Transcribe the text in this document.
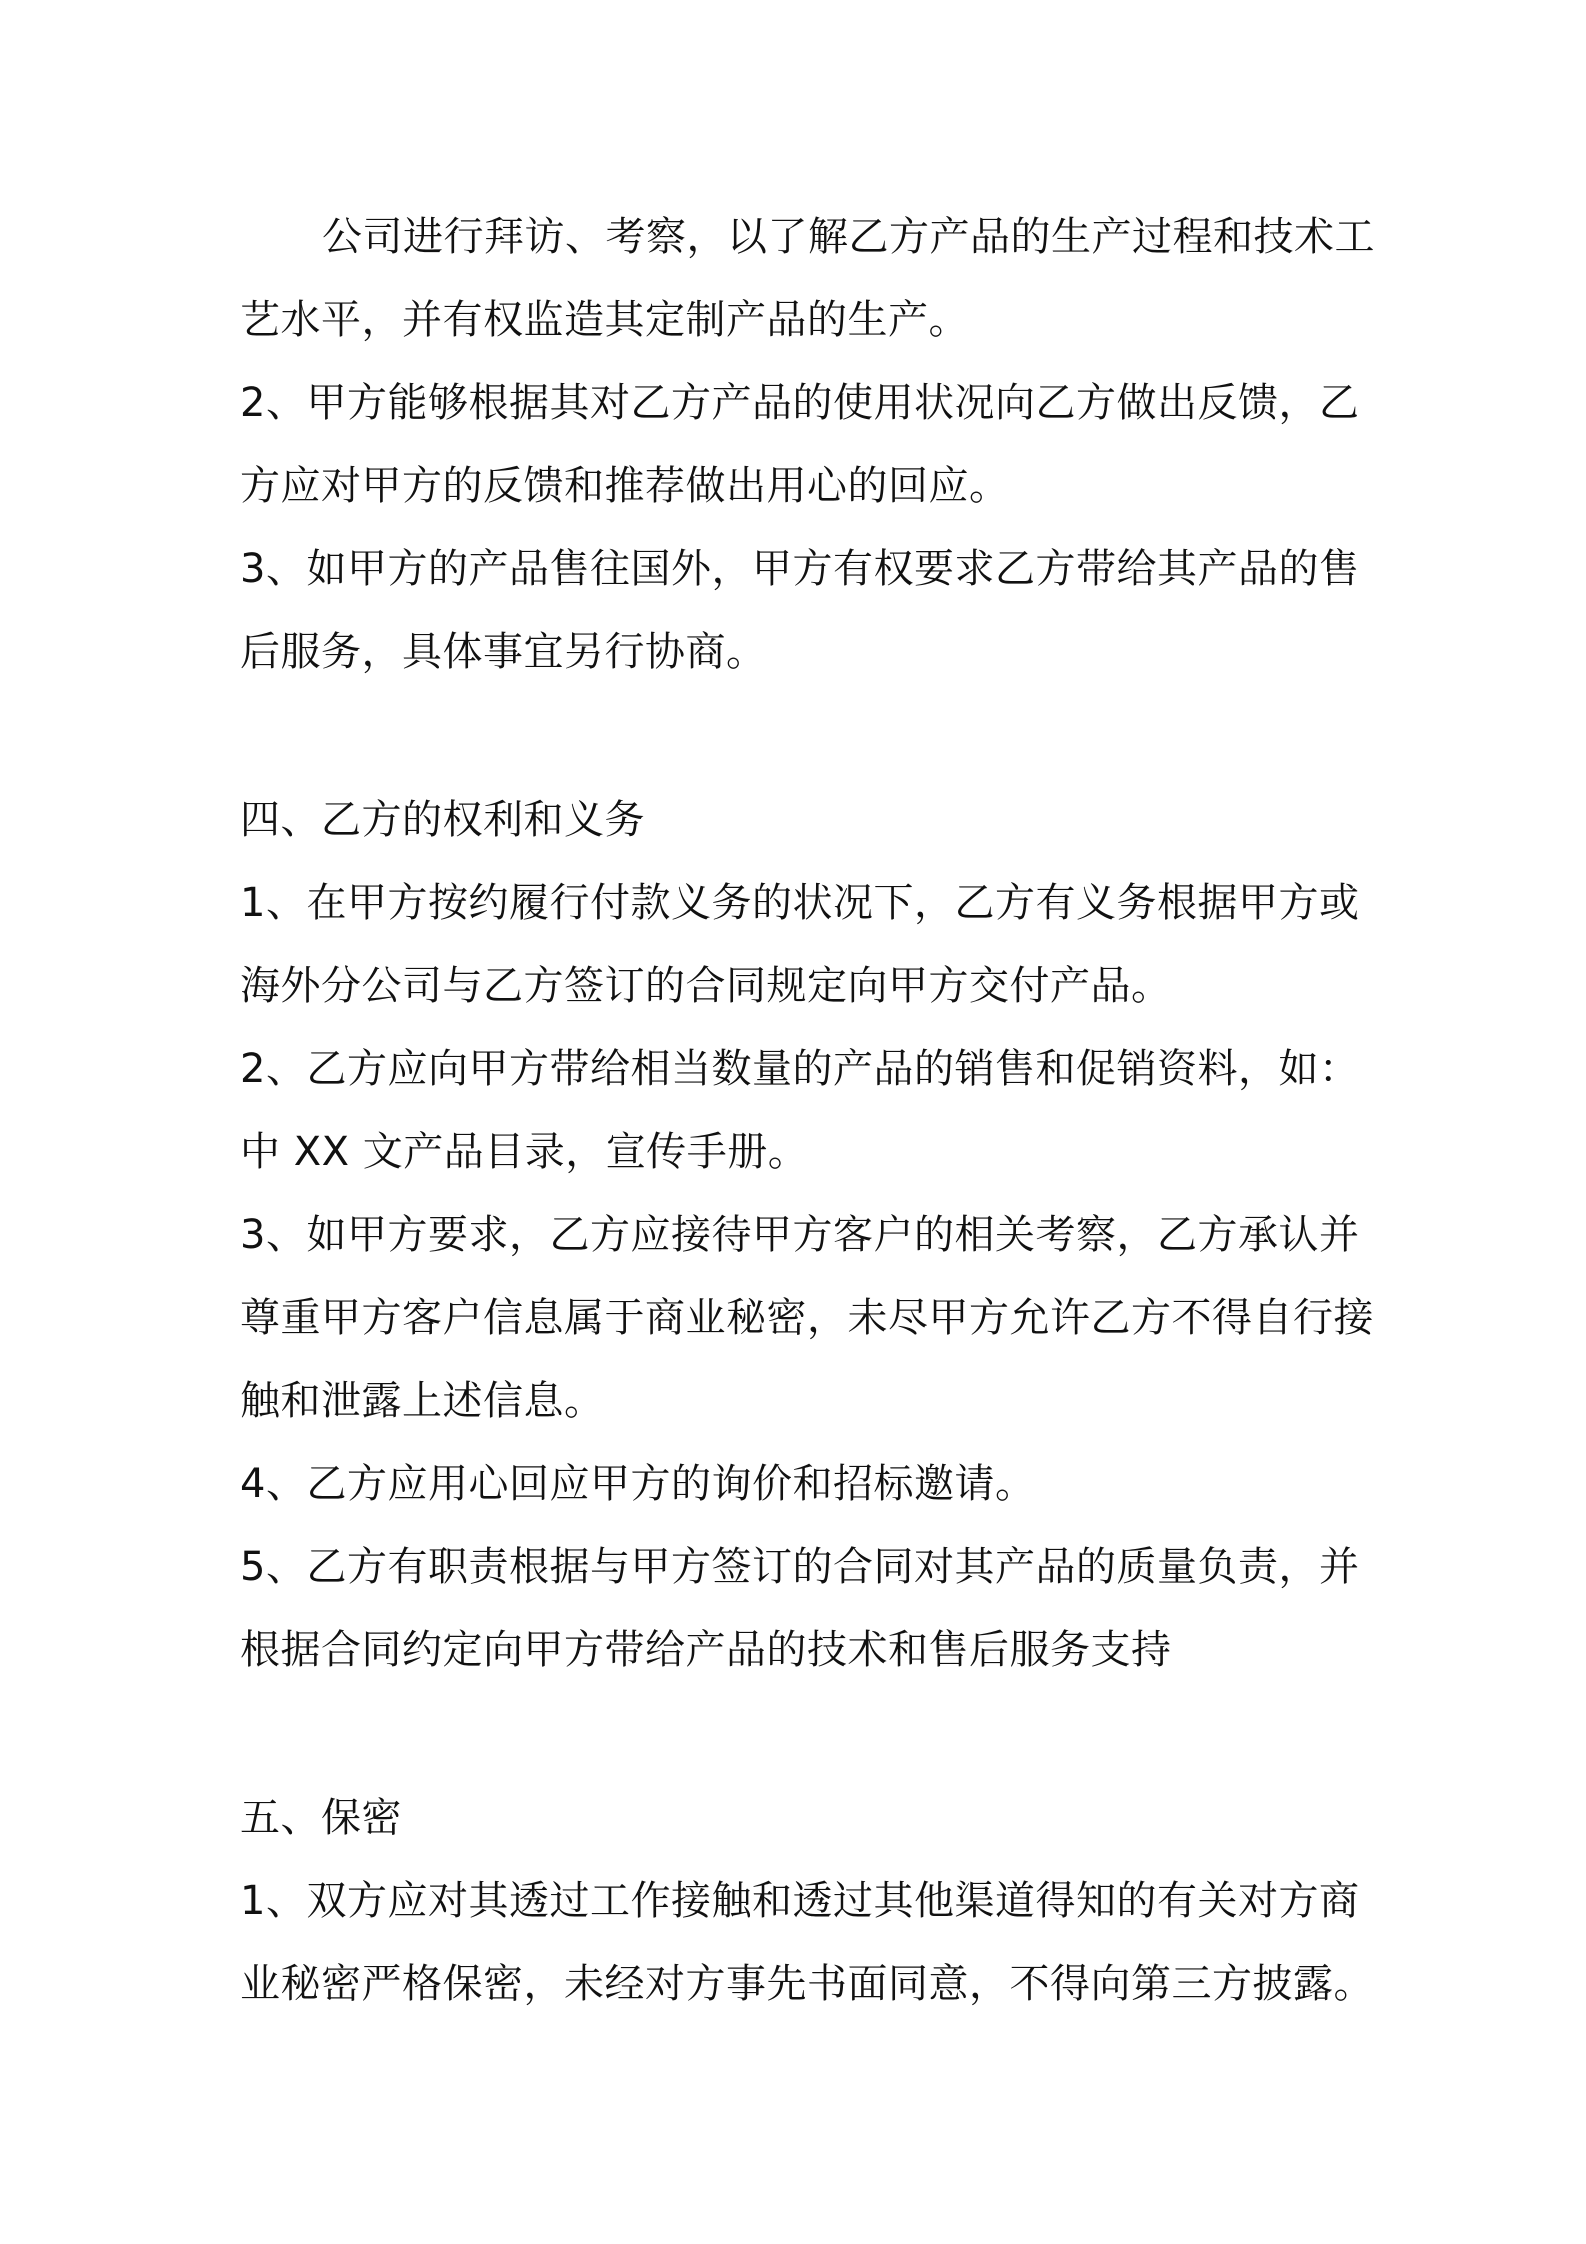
公司进行拜访、考察，以了解乙方产品的生产过程和技术工
艺水平，并有权监造其定制产品的生产。
2、甲方能够根据其对乙方产品的使用状况向乙方做出反馈，乙
方应对甲方的反馈和推荐做出用心的回应。
3、如甲方的产品售往国外，甲方有权要求乙方带给其产品的售
后服务，具体事宜另行协商。
四、乙方的权利和义务
1、在甲方按约履行付款义务的状况下，乙方有义务根据甲方或
海外分公司与乙方签订的合同规定向甲方交付产品。
2、乙方应向甲方带给相当数量的产品的销售和促销资料，如：
中 XX 文产品目录，宣传手册。
3、如甲方要求，乙方应接待甲方客户的相关考察，乙方承认并
尊重甲方客户信息属于商业秘密，未尽甲方允许乙方不得自行接
触和泄露上述信息。
4、乙方应用心回应甲方的询价和招标邀请。
5、乙方有职责根据与甲方签订的合同对其产品的质量负责，并
根据合同约定向甲方带给产品的技术和售后服务支持
五、保密
1、双方应对其透过工作接触和透过其他渠道得知的有关对方商
业秘密严格保密，未经对方事先书面同意，不得向第三方披露。
